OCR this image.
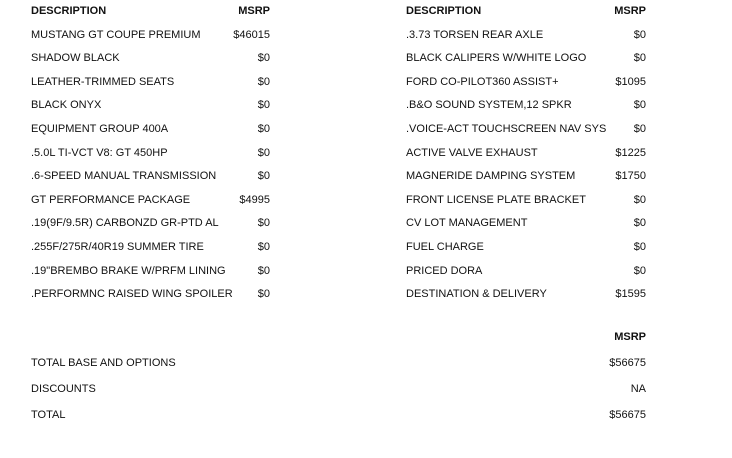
DESCRIPTION	MSRP
MUSTANG GT COUPE PREMIUM	$46015
SHADOW BLACK	$0
LEATHER-TRIMMED SEATS	$0
BLACK ONYX	$0
EQUIPMENT GROUP 400A	$0
.5.0L TI-VCT V8: GT 450HP	$0
.6-SPEED MANUAL TRANSMISSION	$0
GT PERFORMANCE PACKAGE	$4995
.19(9F/9.5R) CARBONZD GR-PTD AL	$0
.255F/275R/40R19 SUMMER TIRE	$0
.19"BREMBO BRAKE W/PRFM LINING	$0
.PERFORMNC RAISED WING SPOILER $0
DESCRIPTION	MSRP
.3.73 TORSEN REAR AXLE	$0
BLACK CALIPERS W/WHITE LOGO	$0
FORD CO-PILOT360 ASSIST+	$1095
.B&O SOUND SYSTEM,12 SPKR	$0
.VOICE-ACT TOUCHSCREEN NAV SYS $0
ACTIVE VALVE EXHAUST	$1225
MAGNERIDE DAMPING SYSTEM	$1750
FRONT LICENSE PLATE BRACKET	$0
CV LOT MANAGEMENT	$0
FUEL CHARGE	$0
PRICED DORA	$0
DESTINATION & DELIVERY	$1595
MSRP
TOTAL BASE AND OPTIONS	$56675
DISCOUNTS	NA
TOTAL	$56675
